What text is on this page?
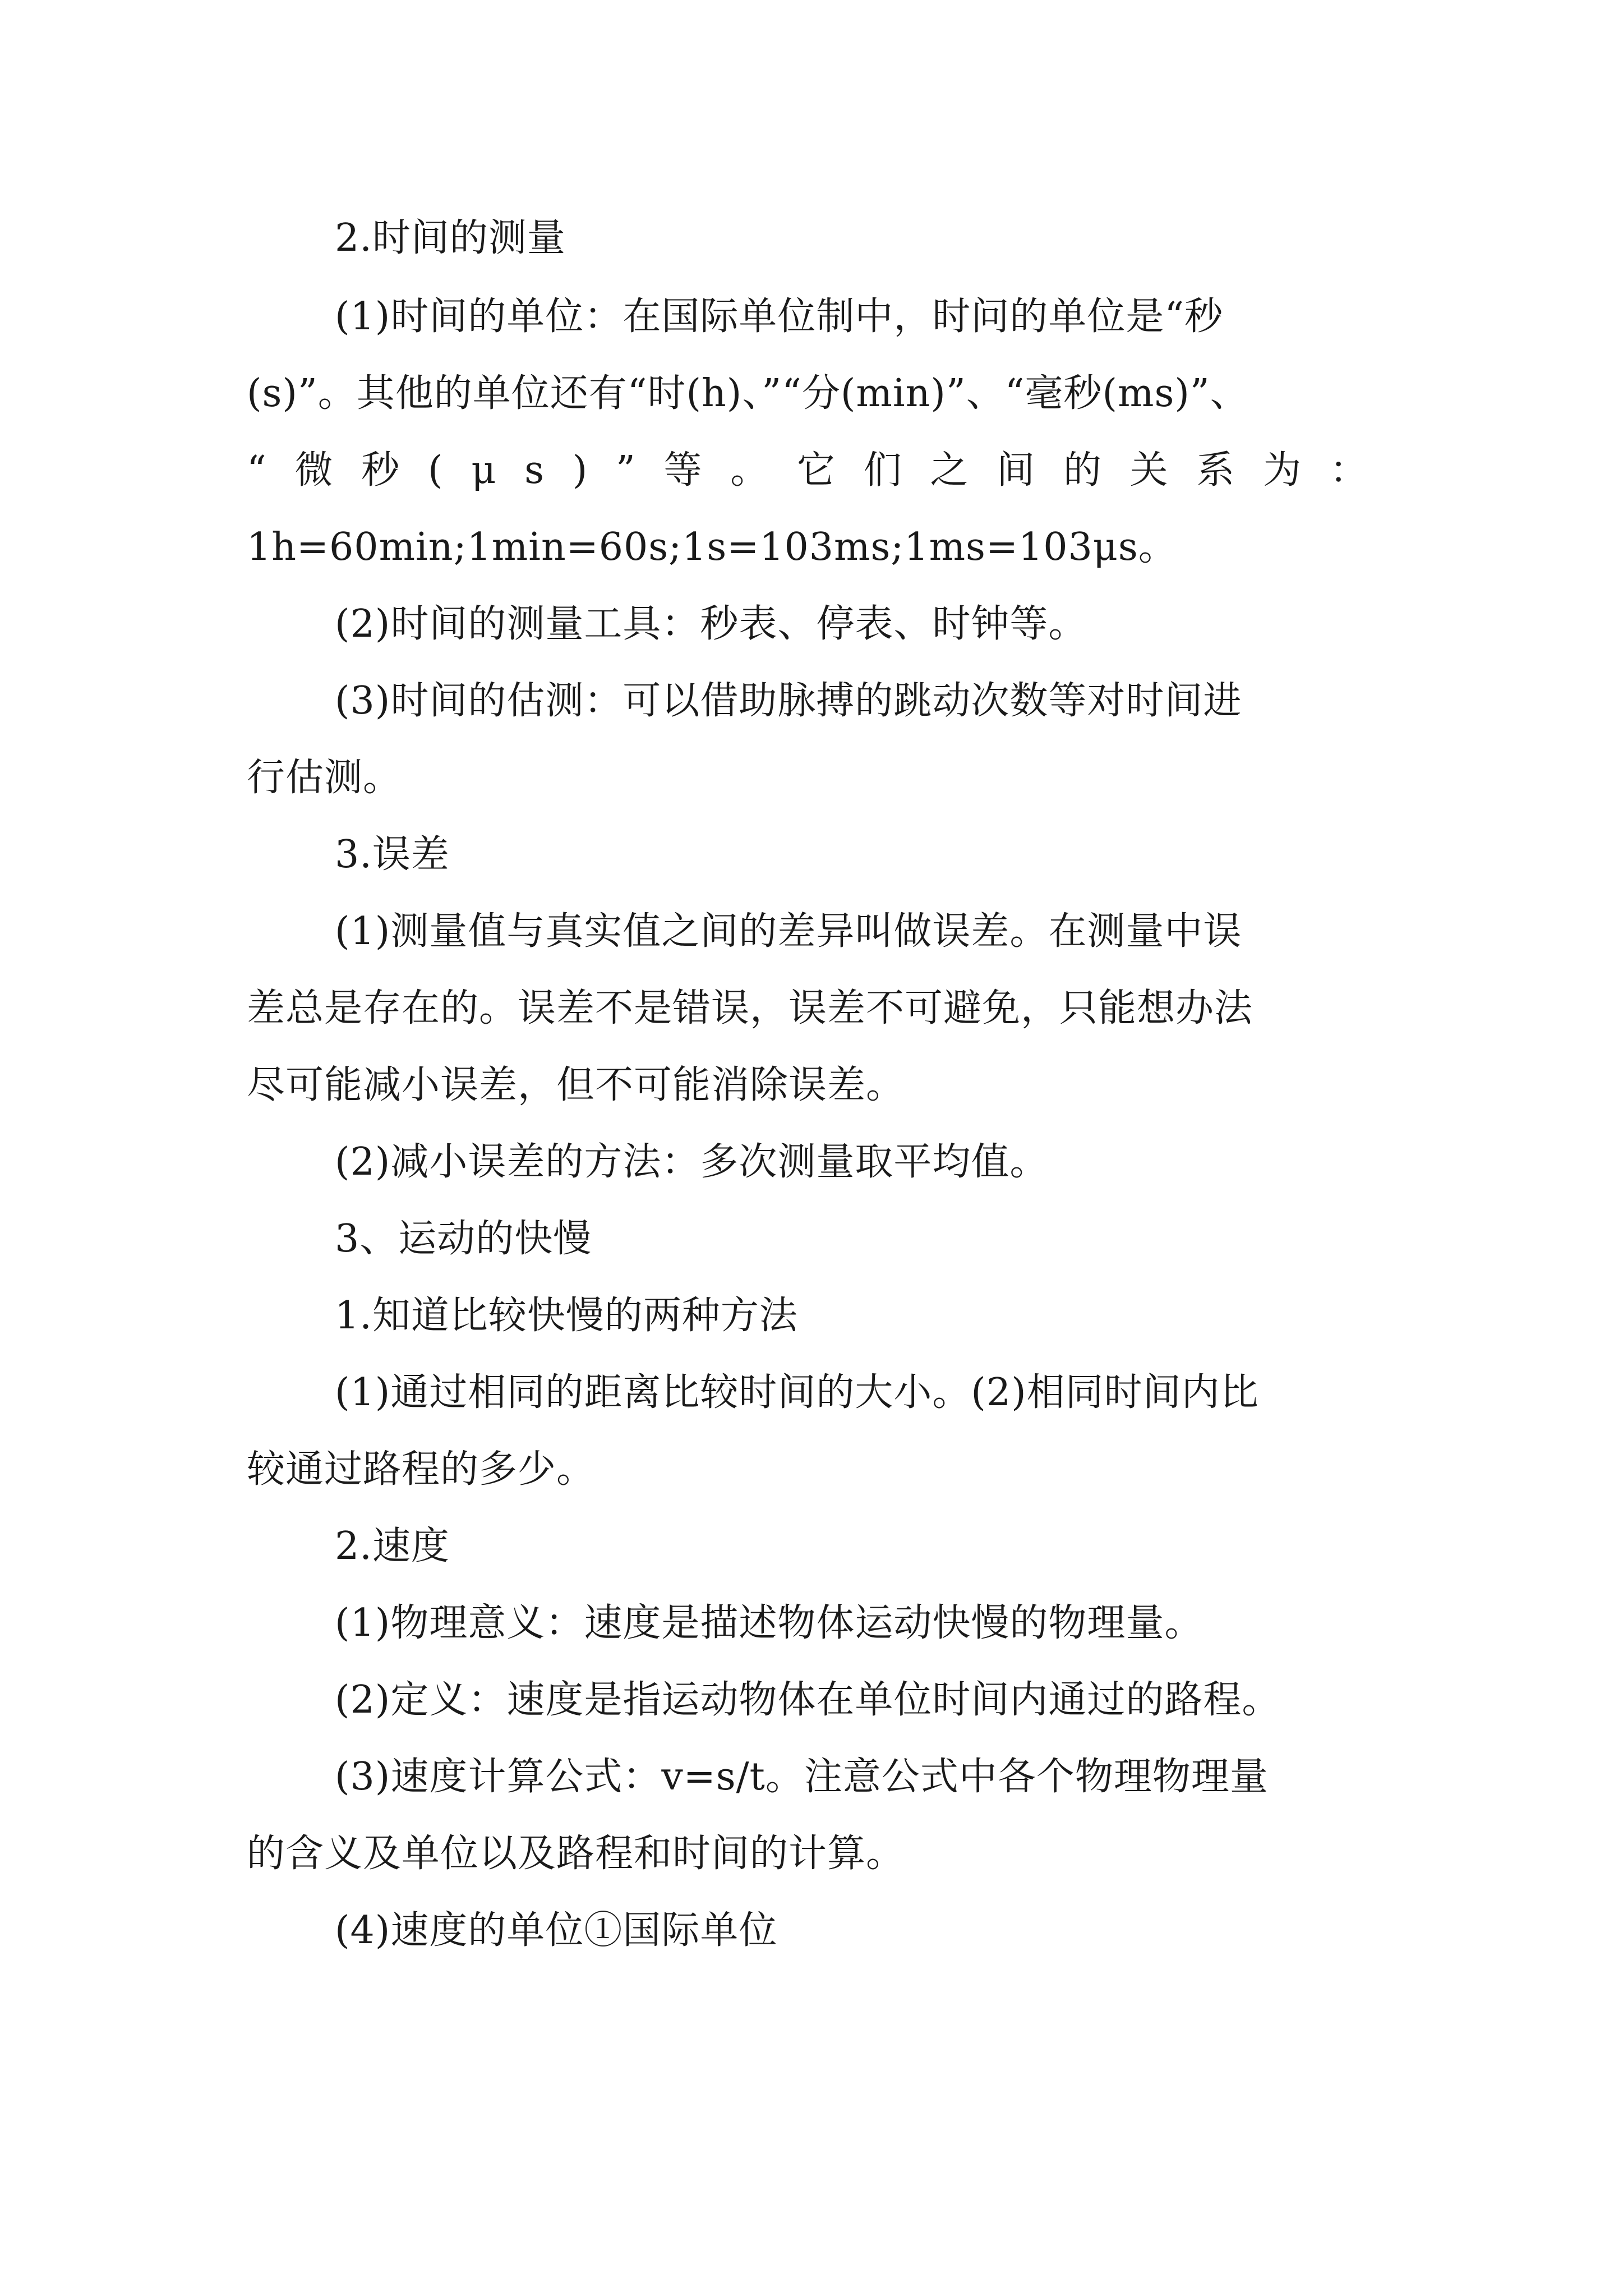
2.时间的测量
(1)时间的单位：在国际单位制中，时问的单位是“秒
(s)”。其他的单位还有“时(h)、”“分(min)”、“毫秒(ms)”、
“ 微 秒 ( μ s ) ” 等 。 它 们 之 间 的 关 系 为 ：
1h=60min;1min=60s;1s=103ms;1ms=103μs。
(2)时间的测量工具：秒表、停表、时钟等。
(3)时间的估测：可以借助脉搏的跳动次数等对时间进
行估测。
3.误差
(1)测量值与真实值之间的差异叫做误差。在测量中误
差总是存在的。误差不是错误，误差不可避免，只能想办法
尽可能减小误差，但不可能消除误差。
(2)减小误差的方法：多次测量取平均值。
3、运动的快慢
1.知道比较快慢的两种方法
(1)通过相同的距离比较时间的大小。(2)相同时间内比
较通过路程的多少。
2.速度
(1)物理意义：速度是描述物体运动快慢的物理量。
(2)定义：速度是指运动物体在单位时间内通过的路程。
(3)速度计算公式：v=s/t。注意公式中各个物理物理量
的含义及单位以及路程和时间的计算。
(4)速度的单位①国际单位
